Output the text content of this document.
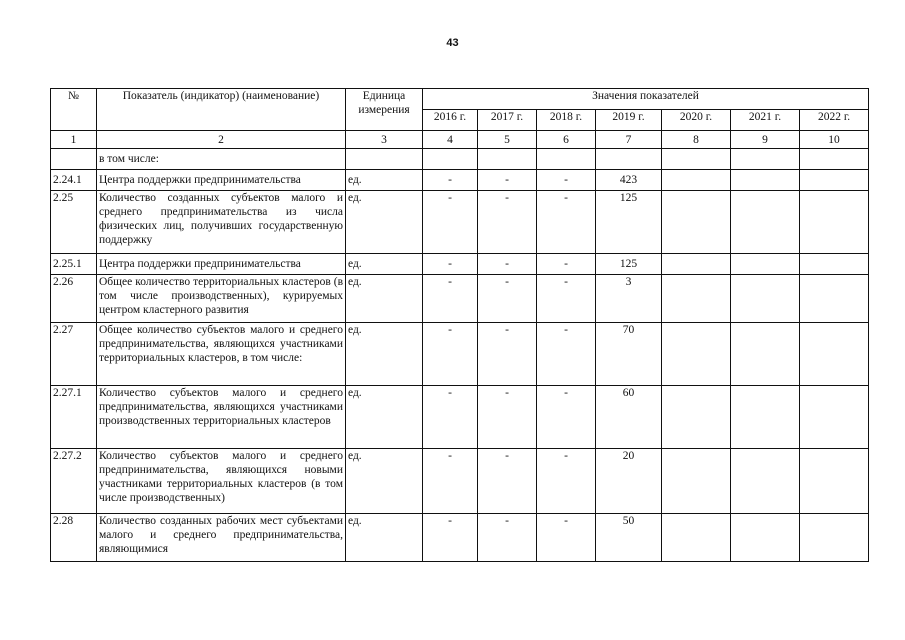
43
№	Показатель (индикатор) (наименование)	Единица измерения	Значения показателей						
			2016 г.	2017 г.	2018 г.	2019 г.	2020 г.	2021 г.	2022 г.
1	2	3	4	5	6	7	8	9	10
	в том числе:								
2.24.1	Центра поддержки предпринимательства	ед.	-	-	-	423			
2.25	Количество созданных субъектов малого и среднего предпринимательства из числа физических лиц, получивших государственную поддержку	ед.	-	-	-	125			
2.25.1	Центра поддержки предпринимательства	ед.	-	-	-	125			
2.26	Общее количество территориальных кластеров (в том числе производственных), курируемых центром кластерного развития	ед.	-	-	-	3			
2.27	Общее количество субъектов малого и среднего предпринимательства, являющихся участниками территориальных кластеров, в том числе:	ед.	-	-	-	70			
2.27.1	Количество субъектов малого и среднего предпринимательства, являющихся участниками производственных территориальных кластеров	ед.	-	-	-	60			
2.27.2	Количество субъектов малого и среднего предпринимательства, являющихся новыми участниками территориальных кластеров (в том числе производственных)	ед.	-	-	-	20			
2.28	Количество созданных рабочих мест субъектами малого и среднего предпринимательства, являющимися	ед.	-	-	-	50			
